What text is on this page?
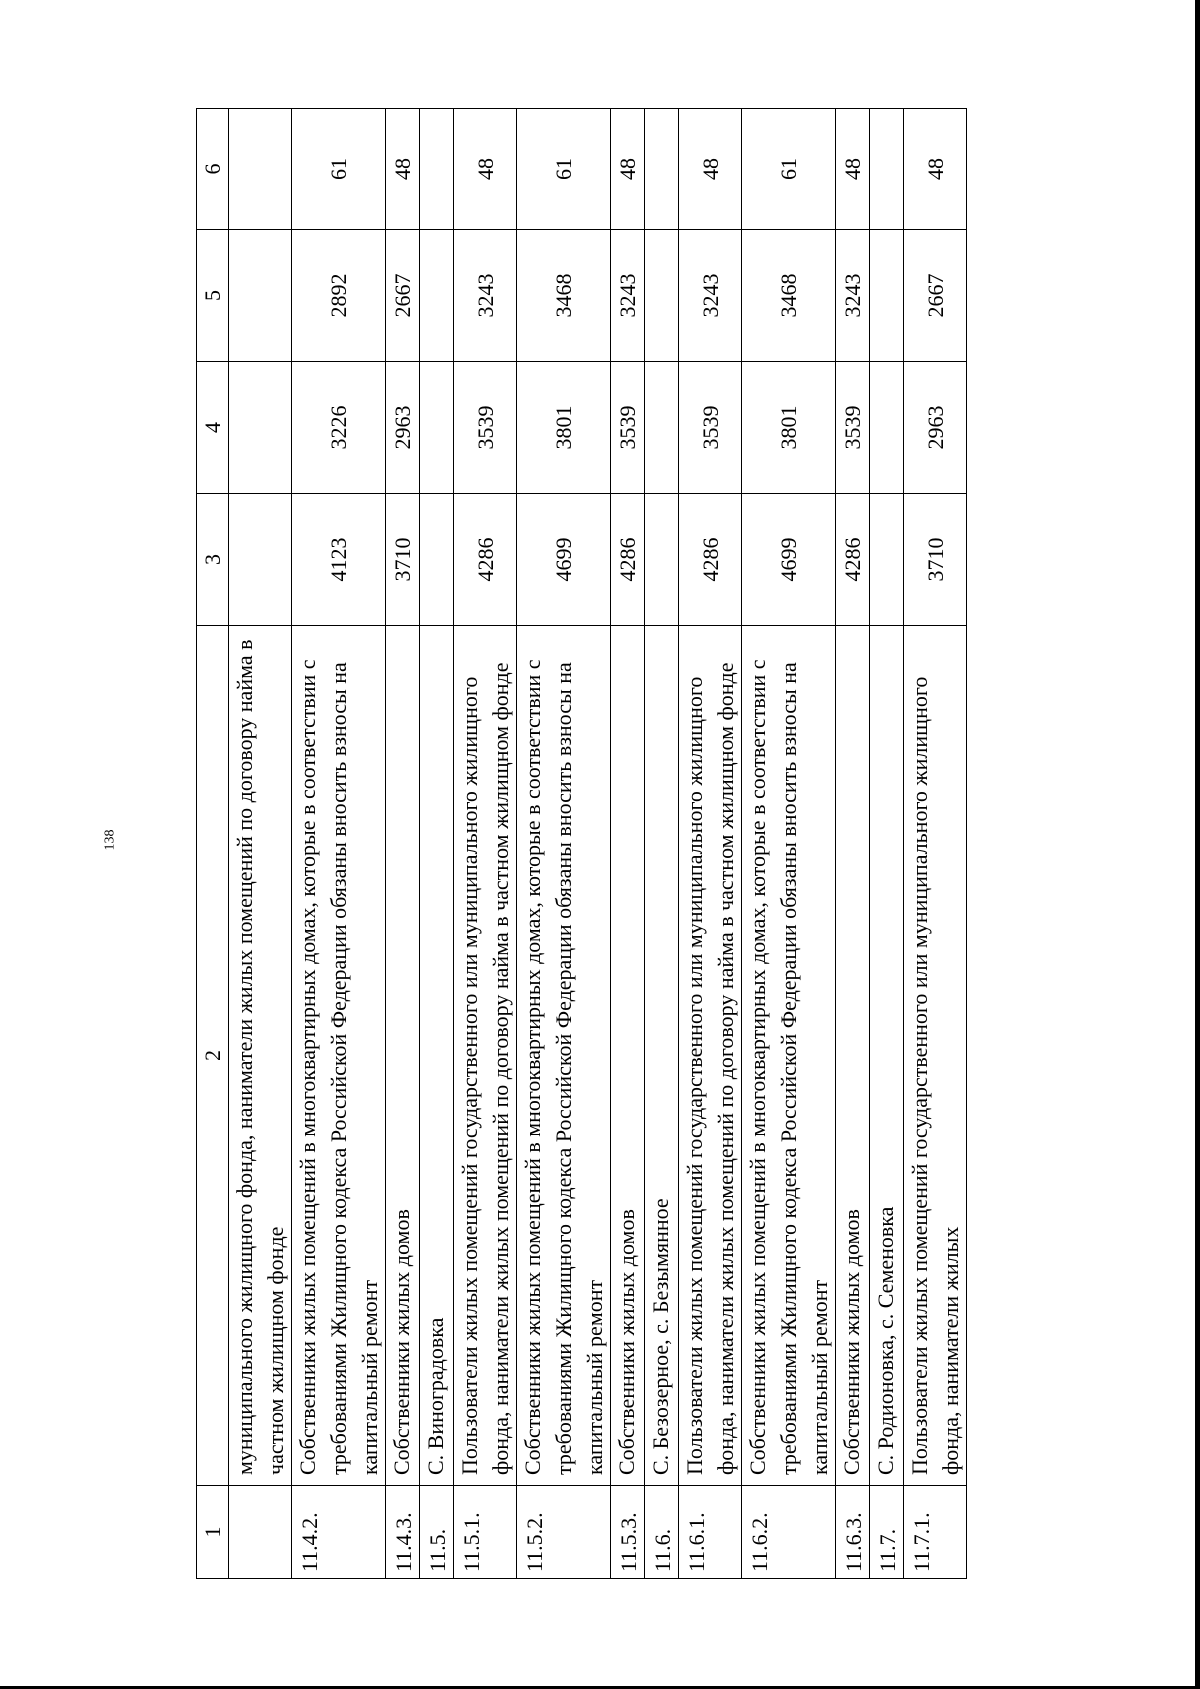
138
1	2	3	4	5	6
	муниципального жилищного фонда, наниматели жилых помещений по договору найма в частном жилищном фонде				
11.4.2.	Собственники жилых помещений в многоквартирных домах, которые в соответствии с требованиями Жилищного кодекса Российской Федерации обязаны вносить взносы на капитальный ремонт	4123	3226	2892	61
11.4.3.	Собственники жилых домов	3710	2963	2667	48
11.5.	С. Виноградовка				
11.5.1.	Пользователи жилых помещений государственного или муниципального жилищного фонда, наниматели жилых помещений по договору найма в частном жилищном фонде	4286	3539	3243	48
11.5.2.	Собственники жилых помещений в многоквартирных домах, которые в соответствии с требованиями Жилищного кодекса Российской Федерации обязаны вносить взносы на капитальный ремонт	4699	3801	3468	61
11.5.3.	Собственники жилых домов	4286	3539	3243	48
11.6.	С. Безозерное, с. Безымянное				
11.6.1.	Пользователи жилых помещений государственного или муниципального жилищного фонда, наниматели жилых помещений по договору найма в частном жилищном фонде	4286	3539	3243	48
11.6.2.	Собственники жилых помещений в многоквартирных домах, которые в соответствии с требованиями Жилищного кодекса Российской Федерации обязаны вносить взносы на капитальный ремонт	4699	3801	3468	61
11.6.3.	Собственники жилых домов	4286	3539	3243	48
11.7.	С. Родионовка, с. Семеновка				
11.7.1.	Пользователи жилых помещений государственного или муниципального жилищного фонда, наниматели жилых	3710	2963	2667	48
